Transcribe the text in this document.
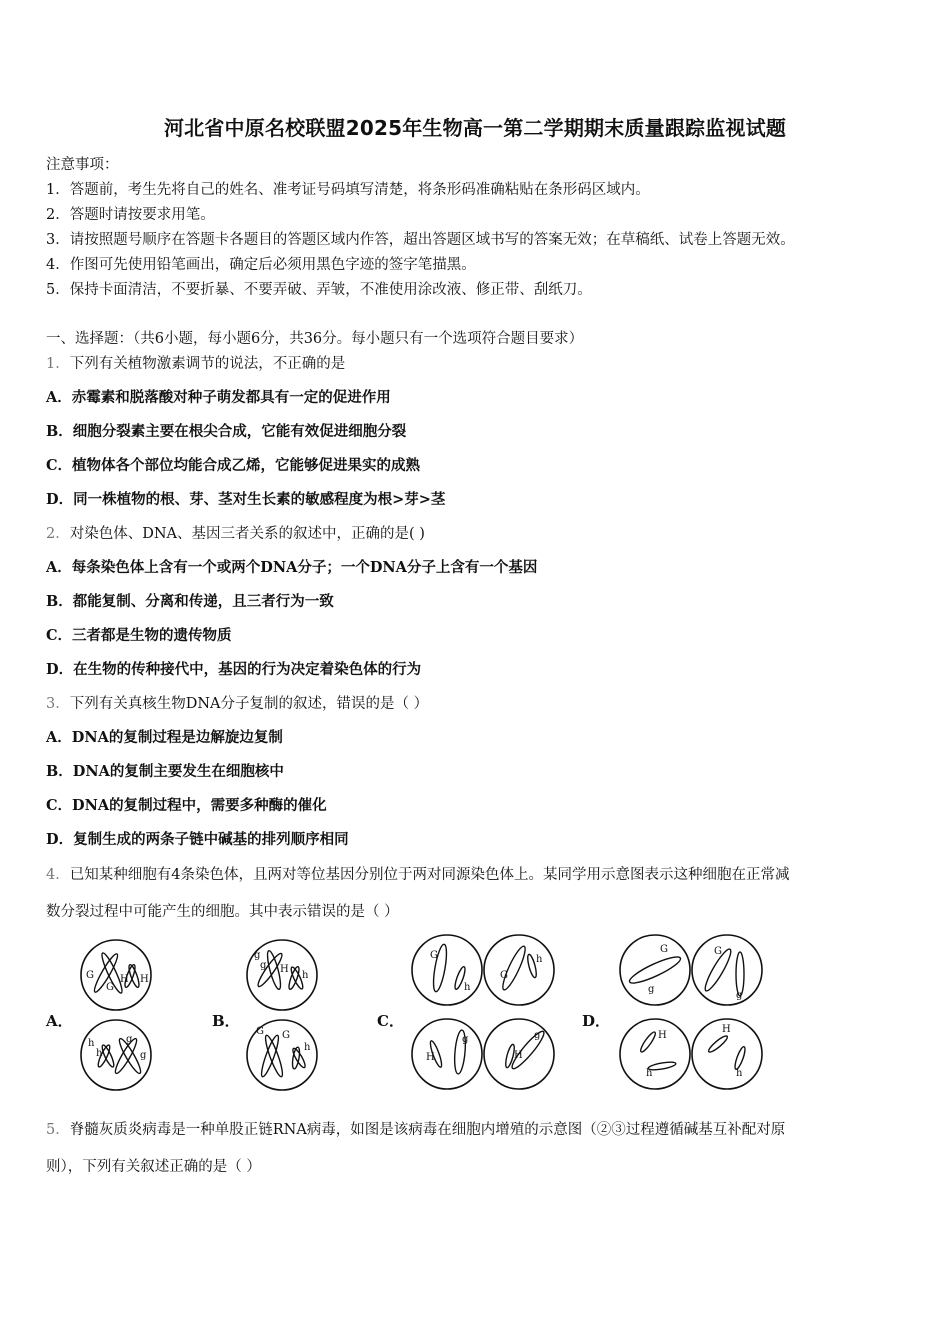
河北省中原名校联盟2025年生物高一第二学期期末质量跟踪监视试题
注意事项：
1．答题前，考生先将自己的姓名、准考证号码填写清楚，将条形码准确粘贴在条形码区域内。
2．答题时请按要求用笔。
3．请按照题号顺序在答题卡各题目的答题区域内作答，超出答题区域书写的答案无效；在草稿纸、试卷上答题无效。
4．作图可先使用铅笔画出，确定后必须用黑色字迹的签字笔描黑。
5．保持卡面清洁，不要折暴、不要弄破、弄皱，不准使用涂改液、修正带、刮纸刀。
一、选择题：（共6小题，每小题6分，共36分。每小题只有一个选项符合题目要求）
1．下列有关植物激素调节的说法，不正确的是
A．赤霉素和脱落酸对种子萌发都具有一定的促进作用
B．细胞分裂素主要在根尖合成，它能有效促进细胞分裂
C．植物体各个部位均能合成乙烯，它能够促进果实的成熟
D．同一株植物的根、芽、茎对生长素的敏感程度为根>芽>茎
2．对染色体、DNA、基因三者关系的叙述中，正确的是( )
A．每条染色体上含有一个或两个DNA分子；一个DNA分子上含有一个基因
B．都能复制、分离和传递，且三者行为一致
C．三者都是生物的遗传物质
D．在生物的传种接代中，基因的行为决定着染色体的行为
3．下列有关真核生物DNA分子复制的叙述，错误的是（ ）
A．DNA的复制过程是边解旋边复制
B．DNA的复制主要发生在细胞核中
C．DNA的复制过程中，需要多种酶的催化
D．复制生成的两条子链中碱基的排列顺序相同
4．已知某种细胞有4条染色体，且两对等位基因分别位于两对同源染色体上。某同学用示意图表示这种细胞在正常减
数分裂过程中可能产生的细胞。其中表示错误的是（ ）
A．	B．	C．	D．
G
G
H H
h
h
g
g
g
g H
h
G G
h
G
h
G
h
H
g
H
g
G
g
G
g
H
h
H
h
5．脊髓灰质炎病毒是一种单股正链RNA病毒，如图是该病毒在细胞内增殖的示意图（②③过程遵循碱基互补配对原
则），下列有关叙述正确的是（ ）
